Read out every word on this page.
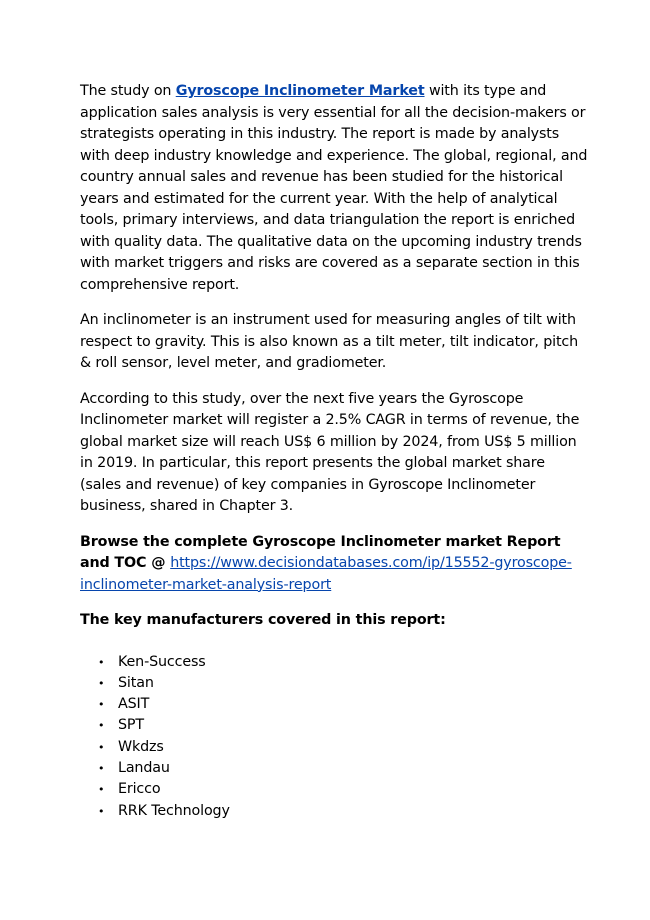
The study on Gyroscope Inclinometer Market with its type and application sales analysis is very essential for all the decision-makers or strategists operating in this industry. The report is made by analysts with deep industry knowledge and experience. The global, regional, and country annual sales and revenue has been studied for the historical years and estimated for the current year. With the help of analytical tools, primary interviews, and data triangulation the report is enriched with quality data. The qualitative data on the upcoming industry trends with market triggers and risks are covered as a separate section in this comprehensive report.

An inclinometer is an instrument used for measuring angles of tilt with respect to gravity. This is also known as a tilt meter, tilt indicator, pitch & roll sensor, level meter, and gradiometer.

According to this study, over the next five years the Gyroscope Inclinometer market will register a 2.5% CAGR in terms of revenue, the global market size will reach US$ 6 million by 2024, from US$ 5 million in 2019. In particular, this report presents the global market share (sales and revenue) of key companies in Gyroscope Inclinometer business, shared in Chapter 3.

Browse the complete Gyroscope Inclinometer market Report and TOC @ https://www.decisiondatabases.com/ip/15552-gyroscope-inclinometer-market-analysis-report

The key manufacturers covered in this report:

• Ken-Success
• Sitan
• ASIT
• SPT
• Wkdzs
• Landau
• Ericco
• RRK Technology
